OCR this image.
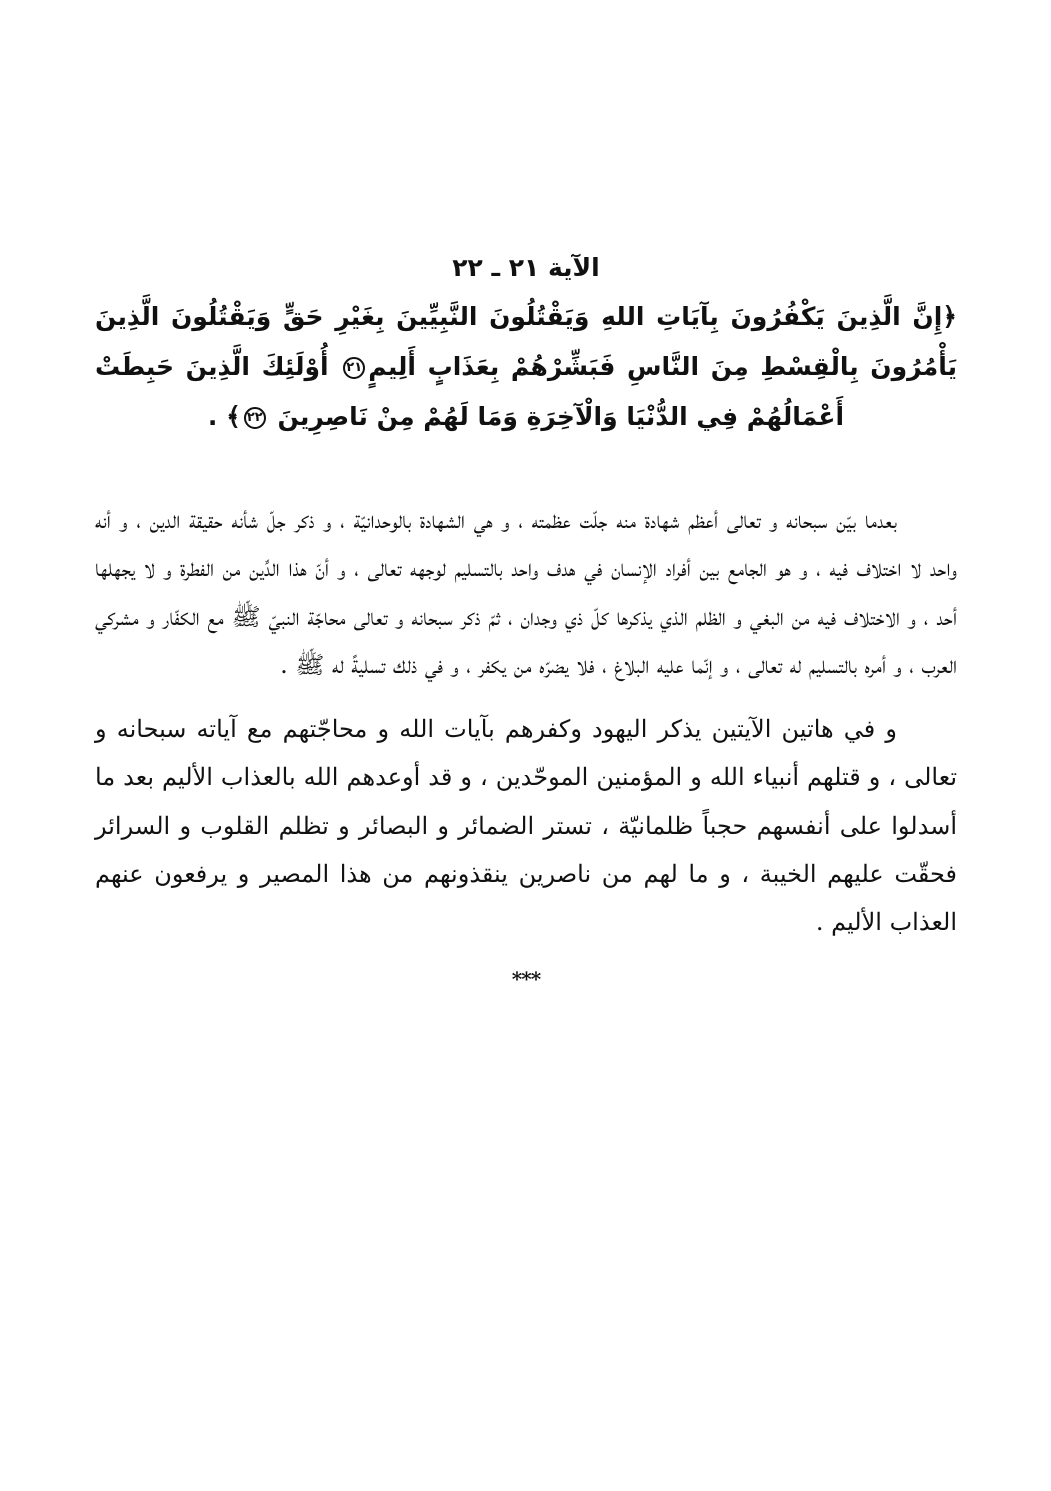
الآية ٢١ ـ ٢٢

﴿إِنَّ الَّذِينَ يَكْفُرُونَ بِآيَاتِ اللهِ وَيَقْتُلُونَ النَّبِيِّينَ بِغَيْرِ حَقٍّ وَيَقْتُلُونَ الَّذِينَ يَأْمُرُونَ بِالْقِسْطِ مِنَ النَّاسِ فَبَشِّرْهُمْ بِعَذَابٍ أَلِيمٍ٢١ أُوْلَئِكَ الَّذِينَ حَبِطَتْ أَعْمَالُهُمْ فِي الدُّنْيَا وَالْآخِرَةِ وَمَا لَهُمْ مِنْ نَاصِرِينَ ٢٢﴾ .

بعدما بيّن سبحانه و تعالى أعظم شهادة منه جلّت عظمته ، و هي الشهادة بالوحدانيّة ، و ذكر جلّ شأنه حقيقة الدين ، و أنه واحد لا اختلاف فيه ، و هو الجامع بين أفراد الإنسان في هدف واحد بالتسليم لوجهه تعالى ، و أنّ هذا الدِّين من الفطرة و لا يجهلها أحد ، و الاختلاف فيه من البغي و الظلم الذي يذكرها كلّ ذي وجدان ، ثمّ ذكر سبحانه و تعالى محاجّة النبيّ ﷺ مع الكفّار و مشركي العرب ، و أمره بالتسليم له تعالى ، و إنّما عليه البلاغ ، فلا يضرّه من يكفر ، و في ذلك تسليةً له ﷺ .

و في هاتين الآيتين يذكر اليهود وكفرهم بآيات الله و محاجّتهم مع آياته سبحانه و تعالى ، و قتلهم أنبياء الله و المؤمنين الموحّدين ، و قد أوعدهم الله بالعذاب الأليم بعد ما أسدلوا على أنفسهم حجباً ظلمانيّة ، تستر الضمائر و البصائر و تظلم القلوب و السرائر فحقّت عليهم الخيبة ، و ما لهم من ناصرين ينقذونهم من هذا المصير و يرفعون عنهم العذاب الأليم .

***
